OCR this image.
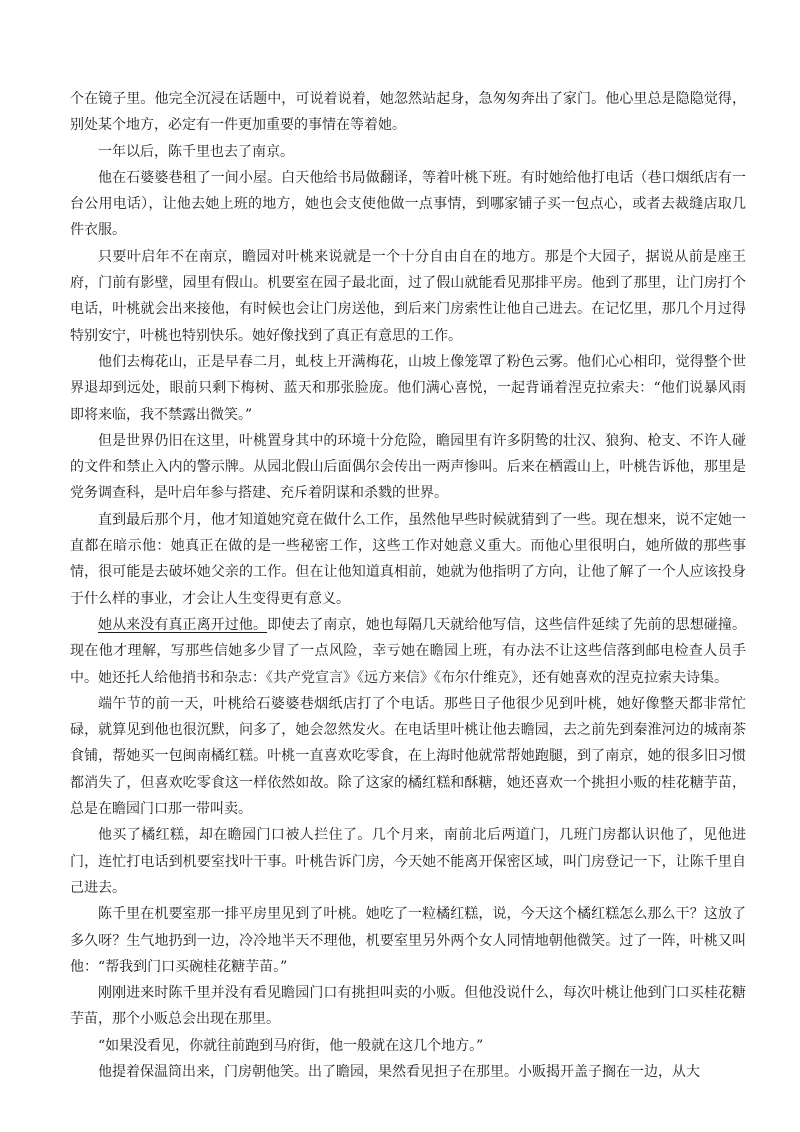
个在镜子里。他完全沉浸在话题中，可说着说着，她忽然站起身，急匆匆奔出了家门。他心里总是隐隐觉得，别处某个地方，必定有一件更加重要的事情在等着她。

一年以后，陈千里也去了南京。

他在石婆婆巷租了一间小屋。白天他给书局做翻译，等着叶桃下班。有时她给他打电话（巷口烟纸店有一台公用电话），让他去她上班的地方，她也会支使他做一点事情，到哪家铺子买一包点心，或者去裁缝店取几件衣服。

只要叶启年不在南京，瞻园对叶桃来说就是一个十分自由自在的地方。那是个大园子，据说从前是座王府，门前有影壁，园里有假山。机要室在园子最北面，过了假山就能看见那排平房。他到了那里，让门房打个电话，叶桃就会出来接他，有时候也会让门房送他，到后来门房索性让他自己进去。在记忆里，那几个月过得特别安宁，叶桃也特别快乐。她好像找到了真正有意思的工作。

他们去梅花山，正是早春二月，虬枝上开满梅花，山坡上像笼罩了粉色云雾。他们心心相印，觉得整个世界退却到远处，眼前只剩下梅树、蓝天和那张脸庞。他们满心喜悦，一起背诵着涅克拉索夫：“他们说暴风雨即将来临，我不禁露出微笑。”

但是世界仍旧在这里，叶桃置身其中的环境十分危险，瞻园里有许多阴鸷的壮汉、狼狗、枪支、不许人碰的文件和禁止入内的警示牌。从园北假山后面偶尔会传出一两声惨叫。后来在栖霞山上，叶桃告诉他，那里是党务调查科，是叶启年参与搭建、充斥着阴谋和杀戮的世界。

直到最后那个月，他才知道她究竟在做什么工作，虽然他早些时候就猜到了一些。现在想来，说不定她一直都在暗示他：她真正在做的是一些秘密工作，这些工作对她意义重大。而他心里很明白，她所做的那些事情，很可能是去破坏她父亲的工作。但在让他知道真相前，她就为他指明了方向，让他了解了一个人应该投身于什么样的事业，才会让人生变得更有意义。

她从来没有真正离开过他。即使去了南京，她也每隔几天就给他写信，这些信件延续了先前的思想碰撞。现在他才理解，写那些信她多少冒了一点风险，幸亏她在瞻园上班，有办法不让这些信落到邮电检查人员手中。她还托人给他捎书和杂志：《共产党宣言》《远方来信》《布尔什维克》，还有她喜欢的涅克拉索夫诗集。

端午节的前一天，叶桃给石婆婆巷烟纸店打了个电话。那些日子他很少见到叶桃，她好像整天都非常忙碌，就算见到他也很沉默，问多了，她会忽然发火。在电话里叶桃让他去瞻园，去之前先到秦淮河边的城南茶食铺，帮她买一包闽南橘红糕。叶桃一直喜欢吃零食，在上海时他就常帮她跑腿，到了南京，她的很多旧习惯都消失了，但喜欢吃零食这一样依然如故。除了这家的橘红糕和酥糖，她还喜欢一个挑担小贩的桂花糖芋苗，总是在瞻园门口那一带叫卖。

他买了橘红糕，却在瞻园门口被人拦住了。几个月来，南前北后两道门，几班门房都认识他了，见他进门，连忙打电话到机要室找叶干事。叶桃告诉门房，今天她不能离开保密区域，叫门房登记一下，让陈千里自己进去。

陈千里在机要室那一排平房里见到了叶桃。她吃了一粒橘红糕，说，今天这个橘红糕怎么那么干？这放了多久呀？生气地扔到一边，冷冷地半天不理他，机要室里另外两个女人同情地朝他微笑。过了一阵，叶桃又叫他：“帮我到门口买碗桂花糖芋苗。”

刚刚进来时陈千里并没有看见瞻园门口有挑担叫卖的小贩。但他没说什么，每次叶桃让他到门口买桂花糖芋苗，那个小贩总会出现在那里。

“如果没看见，你就往前跑到马府街，他一般就在这几个地方。”

他提着保温筒出来，门房朝他笑。出了瞻园，果然看见担子在那里。小贩揭开盖子搁在一边，从大
